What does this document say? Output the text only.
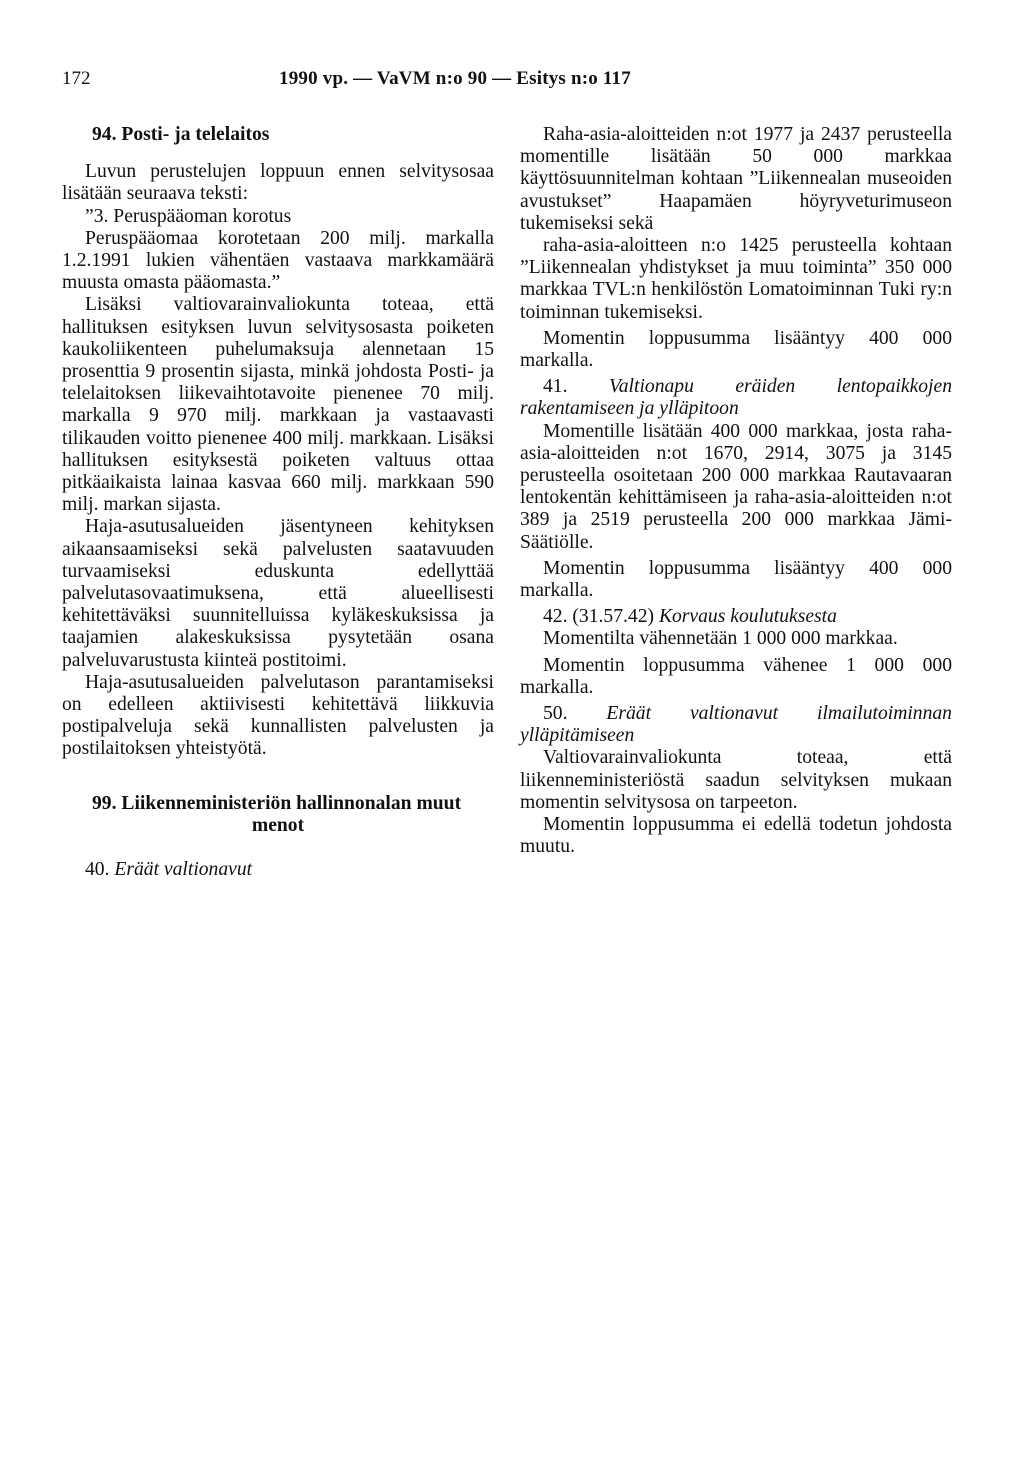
172	1990 vp. — VaVM n:o 90 — Esitys n:o 117

94. Posti- ja telelaitos

Luvun perustelujen loppuun ennen selvitysosaa lisätään seuraava teksti:

”3. Peruspääoman korotus

Peruspääomaa korotetaan 200 milj. markalla 1.2.1991 lukien vähentäen vastaava markkamäärä muusta omasta pääomasta.”

Lisäksi valtiovarainvaliokunta toteaa, että hallituksen esityksen luvun selvitysosasta poiketen kaukoliikenteen puhelumaksuja alennetaan 15 prosenttia 9 prosentin sijasta, minkä johdosta Posti- ja telelaitoksen liikevaihtotavoite pienenee 70 milj. markalla 9 970 milj. markkaan ja vastaavasti tilikauden voitto pienenee 400 milj. markkaan. Lisäksi hallituksen esityksestä poiketen valtuus ottaa pitkäaikaista lainaa kasvaa 660 milj. markkaan 590 milj. markan sijasta.

Haja-asutusalueiden jäsentyneen kehityksen aikaansaamiseksi sekä palvelusten saatavuuden turvaamiseksi eduskunta edellyttää palvelutasovaatimuksena, että alueellisesti kehitettäväksi suunnitelluissa kyläkeskuksissa ja taajamien alakeskuksissa pysytetään osana palveluvarustusta kiinteä postitoimi.

Haja-asutusalueiden palvelutason parantamiseksi on edelleen aktiivisesti kehitettävä liikkuvia postipalveluja sekä kunnallisten palvelusten ja postilaitoksen yhteistyötä.

99. Liikenneministeriön hallinnonalan muut

menot

40. Eräät valtionavut

Raha-asia-aloitteiden n:ot 1977 ja 2437 perusteella momentille lisätään 50 000 markkaa käyttösuunnitelman kohtaan ”Liikennealan museoiden avustukset” Haapamäen höyryveturimuseon tukemiseksi sekä

raha-asia-aloitteen n:o 1425 perusteella kohtaan ”Liikennealan yhdistykset ja muu toiminta” 350 000 markkaa TVL:n henkilöstön Lomatoiminnan Tuki ry:n toiminnan tukemiseksi.

Momentin loppusumma lisääntyy 400 000 markalla.

41. Valtionapu eräiden lentopaikkojen rakentamiseen ja ylläpitoon

Momentille lisätään 400 000 markkaa, josta raha-asia-aloitteiden n:ot 1670, 2914, 3075 ja 3145 perusteella osoitetaan 200 000 markkaa Rautavaaran lentokentän kehittämiseen ja raha-asia-aloitteiden n:ot 389 ja 2519 perusteella 200 000 markkaa Jämi-Säätiölle.

Momentin loppusumma lisääntyy 400 000 markalla.

42. (31.57.42) Korvaus koulutuksesta

Momentilta vähennetään 1 000 000 markkaa.

Momentin loppusumma vähenee 1 000 000 markalla.

50. Eräät valtionavut ilmailutoiminnan ylläpitämiseen

Valtiovarainvaliokunta toteaa, että liikenneministeriöstä saadun selvityksen mukaan momentin selvitysosa on tarpeeton.

Momentin loppusumma ei edellä todetun johdosta muutu.
